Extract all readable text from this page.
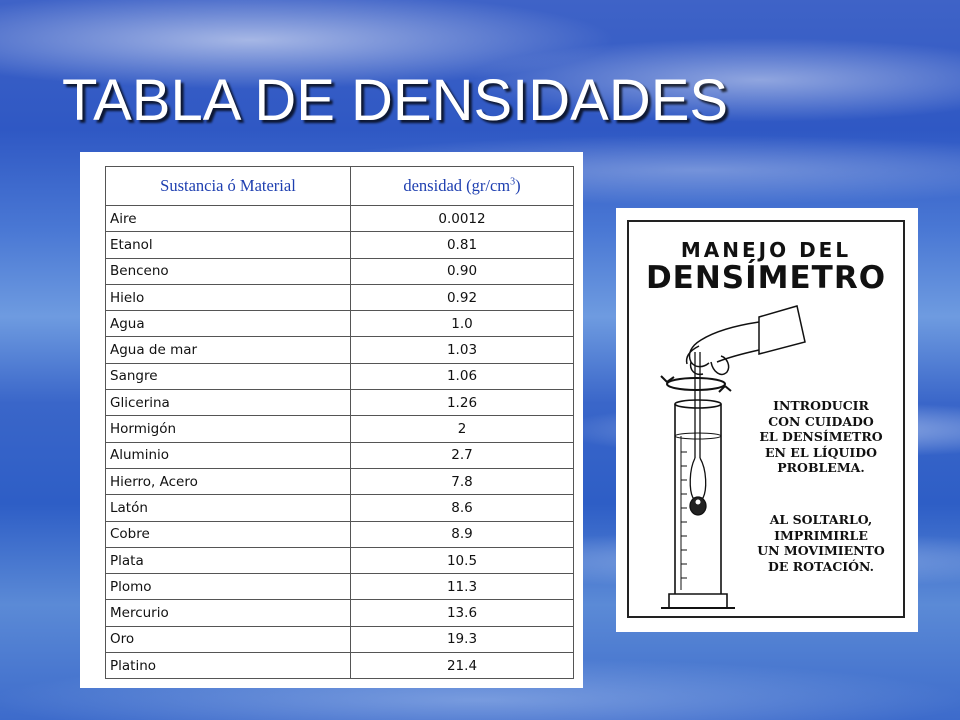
TABLA DE DENSIDADES
Sustancia ó Material	densidad $(gr/cm^3)$
Aire	0.0012
Etanol	0.81
Benceno	0.90
Hielo	0.92
Agua	1.0
Agua de mar	1.03
Sangre	1.06
Glicerina	1.26
Hormigón	2
Aluminio	2.7
Hierro, Acero	7.8
Latón	8.6
Cobre	8.9
Plata	10.5
Plomo	11.3
Mercurio	13.6
Oro	19.3
Platino	21.4
MANEJO DEL
DENSÍMETRO
INTRODUCIR
CON CUIDADO
EL DENSÍMETRO
EN EL LÍQUIDO
PROBLEMA.
AL SOLTARLO,
IMPRIMIRLE
UN MOVIMIENTO
DE ROTACIÓN.
